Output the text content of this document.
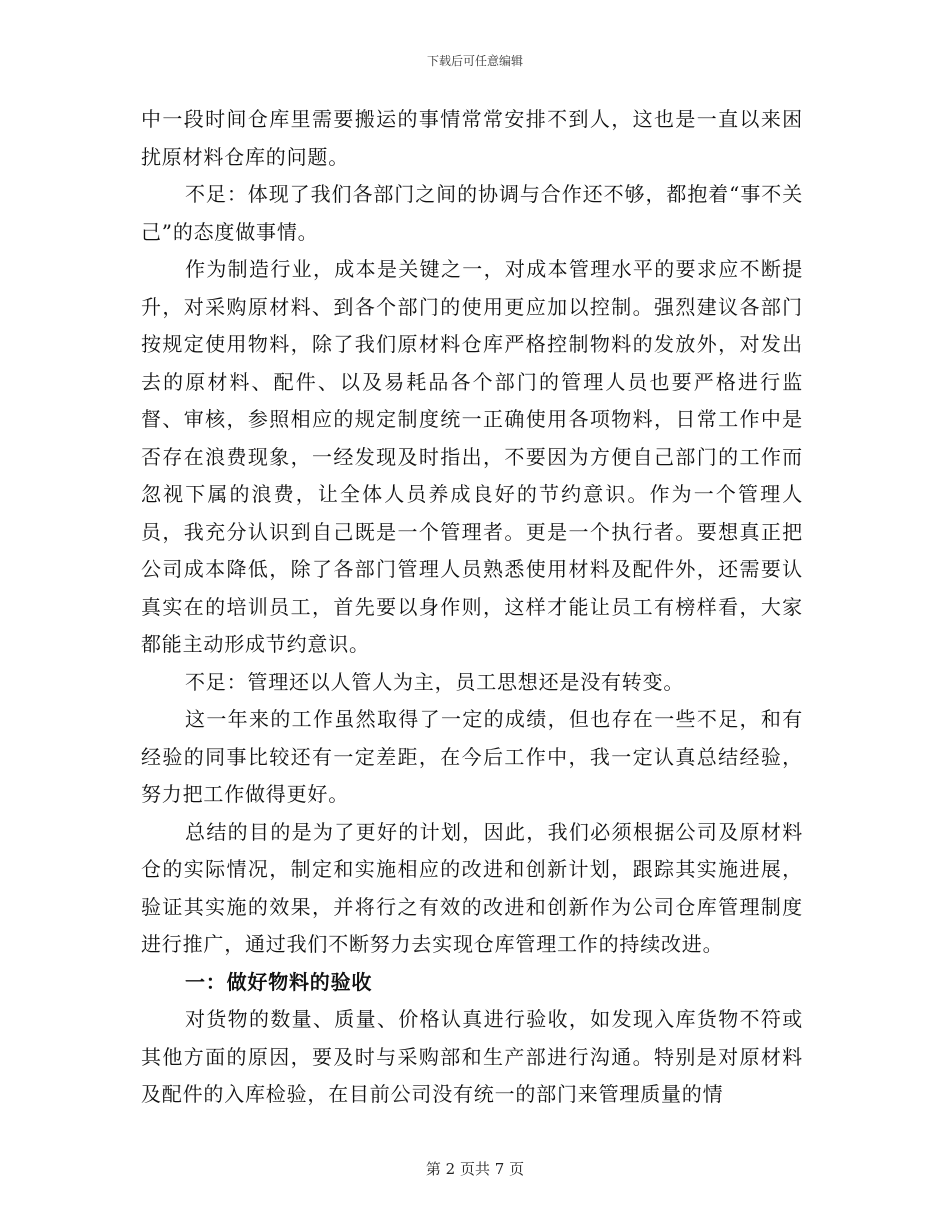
下载后可任意编辑

中一段时间仓库里需要搬运的事情常常安排不到人，这也是一直以来困扰原材料仓库的问题。

不足：体现了我们各部门之间的协调与合作还不够，都抱着“事不关己”的态度做事情。

作为制造行业，成本是关键之一，对成本管理水平的要求应不断提升，对采购原材料、到各个部门的使用更应加以控制。强烈建议各部门按规定使用物料，除了我们原材料仓库严格控制物料的发放外，对发出去的原材料、配件、以及易耗品各个部门的管理人员也要严格进行监督、审核，参照相应的规定制度统一正确使用各项物料，日常工作中是否存在浪费现象，一经发现及时指出，不要因为方便自己部门的工作而忽视下属的浪费，让全体人员养成良好的节约意识。作为一个管理人员，我充分认识到自己既是一个管理者。更是一个执行者。要想真正把公司成本降低，除了各部门管理人员熟悉使用材料及配件外，还需要认真实在的培训员工，首先要以身作则，这样才能让员工有榜样看，大家都能主动形成节约意识。

不足：管理还以人管人为主，员工思想还是没有转变。

这一年来的工作虽然取得了一定的成绩，但也存在一些不足，和有经验的同事比较还有一定差距，在今后工作中，我一定认真总结经验，努力把工作做得更好。

总结的目的是为了更好的计划，因此，我们必须根据公司及原材料仓的实际情况，制定和实施相应的改进和创新计划，跟踪其实施进展，验证其实施的效果，并将行之有效的改进和创新作为公司仓库管理制度进行推广，通过我们不断努力去实现仓库管理工作的持续改进。

一：做好物料的验收

对货物的数量、质量、价格认真进行验收，如发现入库货物不符或其他方面的原因，要及时与采购部和生产部进行沟通。特别是对原材料及配件的入库检验，在目前公司没有统一的部门来管理质量的情

第 2 页共 7 页
